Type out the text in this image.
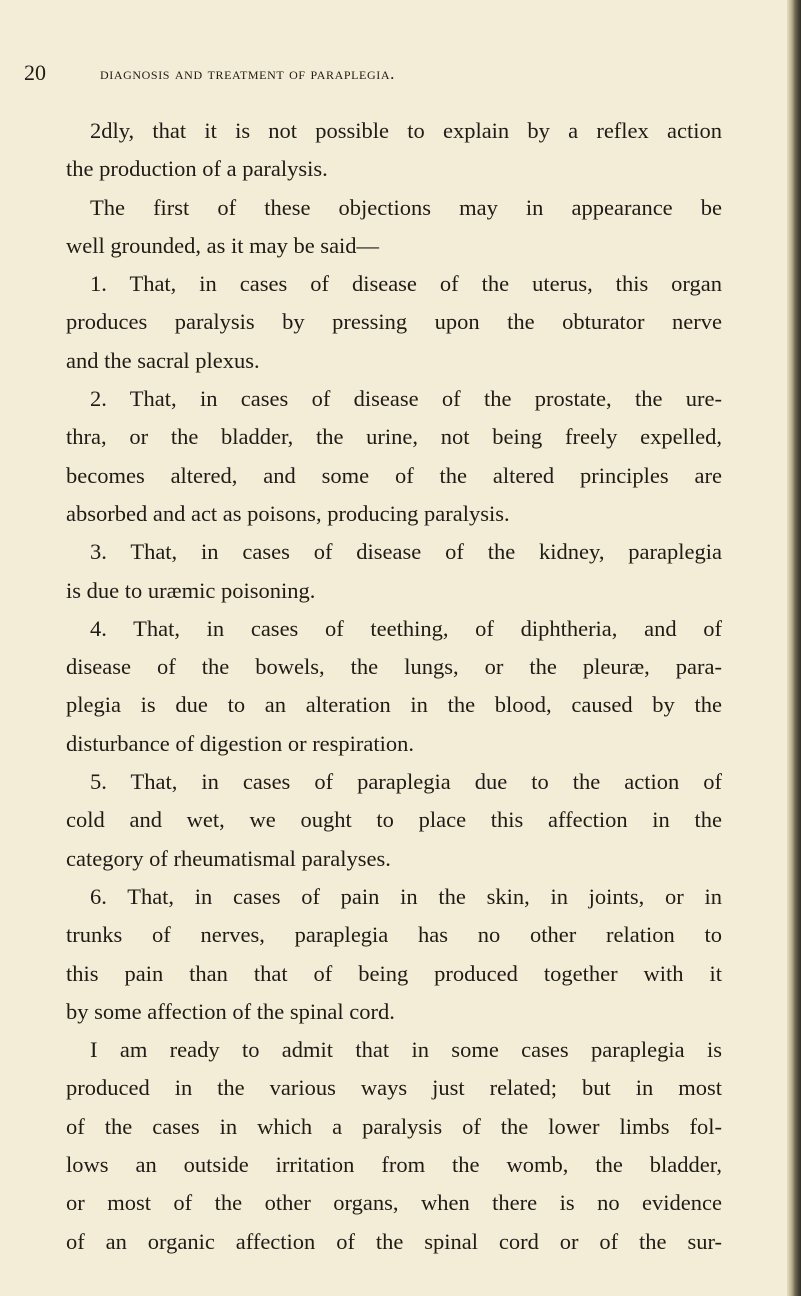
20	diagnosis and treatment of paraplegia.
2dly, that it is not possible to explain by a reflex action
the production of a paralysis.
The first of these objections may in appearance be
well grounded, as it may be said—
1. That, in cases of disease of the uterus, this organ
produces paralysis by pressing upon the obturator nerve
and the sacral plexus.
2. That, in cases of disease of the prostate, the ure-
thra, or the bladder, the urine, not being freely expelled,
becomes altered, and some of the altered principles are
absorbed and act as poisons, producing paralysis.
3. That, in cases of disease of the kidney, paraplegia
is due to uræmic poisoning.
4. That, in cases of teething, of diphtheria, and of
disease of the bowels, the lungs, or the pleuræ, para-
plegia is due to an alteration in the blood, caused by the
disturbance of digestion or respiration.
5. That, in cases of paraplegia due to the action of
cold and wet, we ought to place this affection in the
category of rheumatismal paralyses.
6. That, in cases of pain in the skin, in joints, or in
trunks of nerves, paraplegia has no other relation to
this pain than that of being produced together with it
by some affection of the spinal cord.
I am ready to admit that in some cases paraplegia is
produced in the various ways just related; but in most
of the cases in which a paralysis of the lower limbs fol-
lows an outside irritation from the womb, the bladder,
or most of the other organs, when there is no evidence
of an organic affection of the spinal cord or of the sur-
